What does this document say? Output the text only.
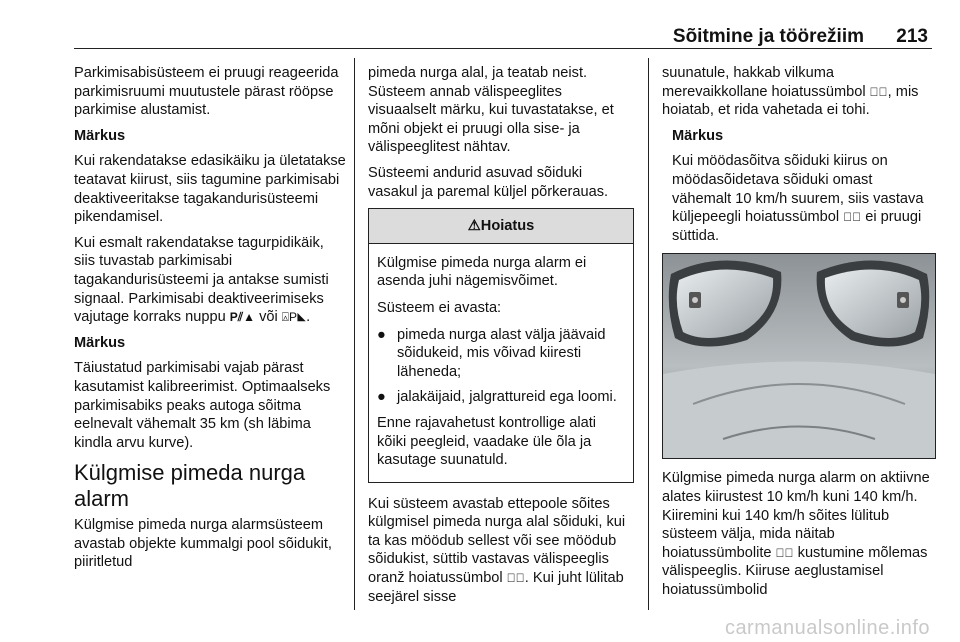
Sõitmine ja töörežiim 213

Parkimisabisüsteem ei pruugi reageerida parkimisruumi muutustele pärast rööpse parkimise alustamist.

Märkus

Kui rakendatakse edasikäiku ja ületatakse teatavat kiirust, siis tagumine parkimisabi deaktiveeritakse tagakandurisüsteemi pikendamisel.

Kui esmalt rakendatakse tagurpidikäik, siis tuvastab parkimisabi tagakandurisüsteemi ja antakse sumisti signaal. Parkimisabi deaktiveerimiseks vajutage korraks nuppu P⫽▲ või ⍓P◣.

Märkus

Täiustatud parkimisabi vajab pärast kasutamist kalibreerimist. Optimaalseks parkimisabiks peaks autoga sõitma eelnevalt vähemalt 35 km (sh läbima kindla arvu kurve).

Külgmise pimeda nurga alarm

Külgmise pimeda nurga alarmsüsteem avastab objekte kummalgi pool sõidukit, piiritletud

pimeda nurga alal, ja teatab neist. Süsteem annab välispeeglites visuaalselt märku, kui tuvastatakse, et mõni objekt ei pruugi olla sise- ja välispeeglitest nähtav.

Süsteemi andurid asuvad sõiduki vasakul ja paremal küljel põrkerauas.

⚠Hoiatus

Külgmise pimeda nurga alarm ei asenda juhi nägemisvõimet.

Süsteem ei avasta:

● pimeda nurga alast välja jäävaid sõidukeid, mis võivad kiiresti läheneda;
● jalakäijaid, jalgrattureid ega loomi.

Enne rajavahetust kontrollige alati kõiki peegleid, vaadake üle õla ja kasutage suunatuld.

Kui süsteem avastab ettepoole sõites külgmisel pimeda nurga alal sõiduki, kui ta kas möödub sellest või see möödub sõidukist, süttib vastavas välispeeglis oranž hoiatussümbol ⊿⃞. Kui juht lülitab seejärel sisse

suunatule, hakkab vilkuma merevaikkollane hoiatussümbol ⊿⃞, mis hoiatab, et rida vahetada ei tohi.

Märkus

Kui möödasõitva sõiduki kiirus on möödasõidetava sõiduki omast vähemalt 10 km/h suurem, siis vastava küljepeegli hoiatussümbol ⊿⃞ ei pruugi süttida.

Külgmise pimeda nurga alarm on aktiivne alates kiirustest 10 km/h kuni 140 km/h. Kiiremini kui 140 km/h sõites lülitub süsteem välja, mida näitab hoiatussümbolite ⊿⃞ kustumine mõlemas välispeeglis. Kiiruse aeglustamisel hoiatussümbolid

carmanualsonline.info
